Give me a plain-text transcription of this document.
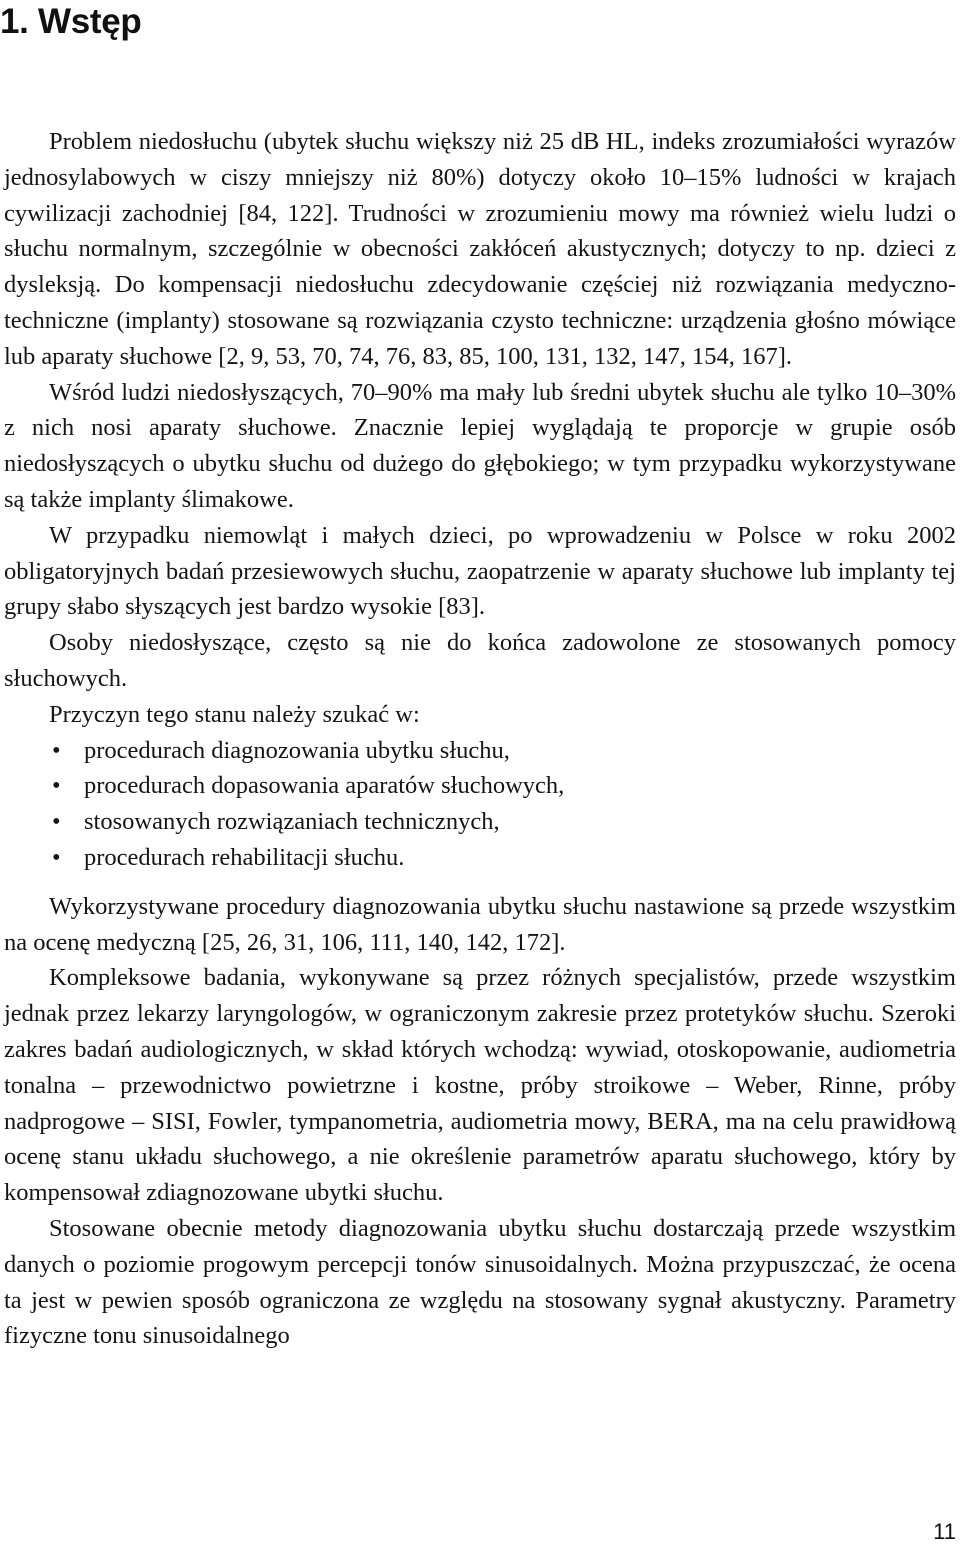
1. Wstęp

Problem niedosłuchu (ubytek słuchu większy niż 25 dB HL, indeks zrozumiałości wyrazów jednosylabowych w ciszy mniejszy niż 80%) dotyczy około 10–15% ludności w krajach cywilizacji zachodniej [84, 122]. Trudności w zrozumieniu mowy ma również wielu ludzi o słuchu normalnym, szczególnie w obecności zakłóceń akustycznych; dotyczy to np. dzieci z dysleksją. Do kompensacji niedosłuchu zdecydowanie częściej niż rozwiązania medyczno-techniczne (implanty) stosowane są rozwiązania czysto techniczne: urządzenia głośno mówiące lub aparaty słuchowe [2, 9, 53, 70, 74, 76, 83, 85, 100, 131, 132, 147, 154, 167].

Wśród ludzi niedosłyszących, 70–90% ma mały lub średni ubytek słuchu ale tylko 10–30% z nich nosi aparaty słuchowe. Znacznie lepiej wyglądają te proporcje w grupie osób niedosłyszących o ubytku słuchu od dużego do głębokiego; w tym przypadku wykorzystywane są także implanty ślimakowe.

W przypadku niemowląt i małych dzieci, po wprowadzeniu w Polsce w roku 2002 obligatoryjnych badań przesiewowych słuchu, zaopatrzenie w aparaty słuchowe lub implanty tej grupy słabo słyszących jest bardzo wysokie [83].

Osoby niedosłyszące, często są nie do końca zadowolone ze stosowanych pomocy słuchowych.

Przyczyn tego stanu należy szukać w:

• procedurach diagnozowania ubytku słuchu,
• procedurach dopasowania aparatów słuchowych,
• stosowanych rozwiązaniach technicznych,
• procedurach rehabilitacji słuchu.

Wykorzystywane procedury diagnozowania ubytku słuchu nastawione są przede wszystkim na ocenę medyczną [25, 26, 31, 106, 111, 140, 142, 172].

Kompleksowe badania, wykonywane są przez różnych specjalistów, przede wszystkim jednak przez lekarzy laryngologów, w ograniczonym zakresie przez protetyków słuchu. Szeroki zakres badań audiologicznych, w skład których wchodzą: wywiad, otoskopowanie, audiometria tonalna – przewodnictwo powietrzne i kostne, próby stroikowe – Weber, Rinne, próby nadprogowe – SISI, Fowler, tympanometria, audiometria mowy, BERA, ma na celu prawidłową ocenę stanu układu słuchowego, a nie określenie parametrów aparatu słuchowego, który by kompensował zdiagnozowane ubytki słuchu.

Stosowane obecnie metody diagnozowania ubytku słuchu dostarczają przede wszystkim danych o poziomie progowym percepcji tonów sinusoidalnych. Można przypuszczać, że ocena ta jest w pewien sposób ograniczona ze względu na stosowany sygnał akustyczny. Parametry fizyczne tonu sinusoidalnego

11
